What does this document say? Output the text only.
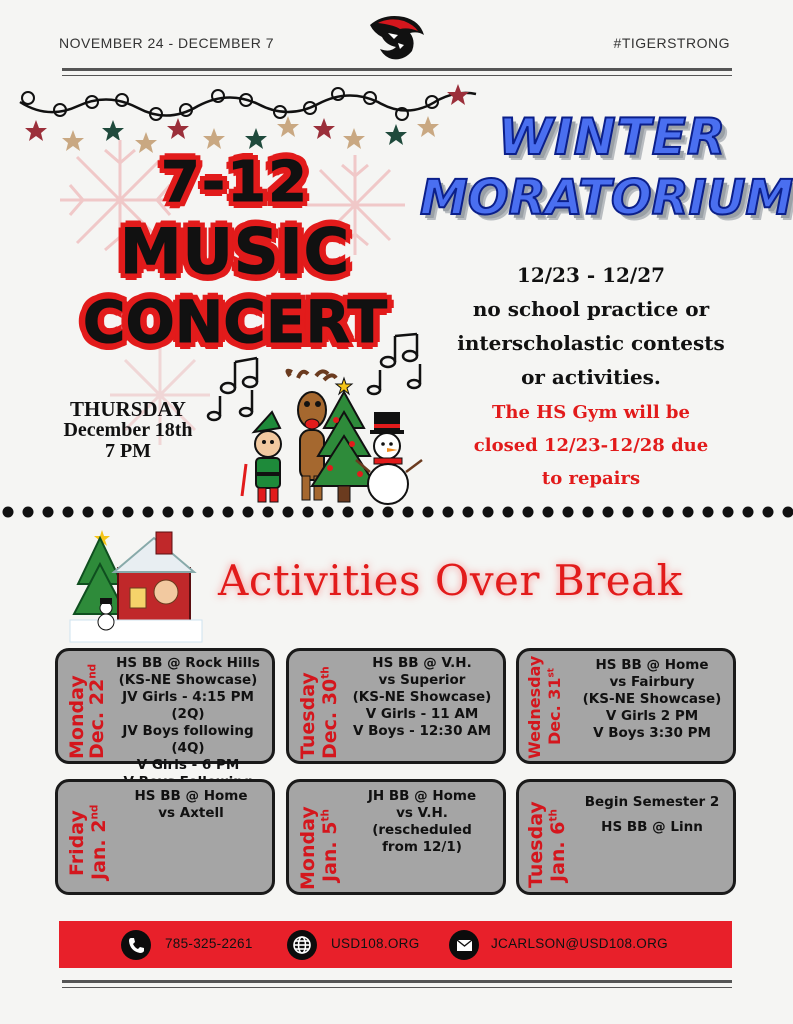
NOVEMBER 24 - DECEMBER 7	#TIGERSTRONG
7-12
MUSIC
CONCERT
THURSDAY
December 18th
7 PM
WINTER
MORATORIUM
12/23 - 12/27
no school practice or
interscholastic contests
or activities.
The HS Gym will be
closed 12/23-12/28 due
to repairs
Activities Over Break
Monday
Dec. 22nd
HS BB @ Rock Hills
(KS-NE Showcase)
JV Girls - 4:15 PM (2Q)
JV Boys following (4Q)
V Girls - 6 PM
Tuesday Dec. 30th
HS BB @ V.H.
vs Superior
(KS-NE Showcase)
V Girls - 11 AM
V Boys - 12:30 AM	Wednesday Dec. 31st	HS BB @ Home
vs Fairbury
(KS-NE Showcase)
V Girls 2 PM
V Boys 3:30 PM
Friday Jan. 2nd
HS BB @ Home
vs Axtell	Monday Jan. 5th
JH BB @ Home
vs V.H.
(rescheduled
from 12/1)	Tuesday Jan. 6th
Begin Semester 2
HS BB @ Linn
785-325-2261	USD108.ORG	JCARLSON@USD108.ORG
